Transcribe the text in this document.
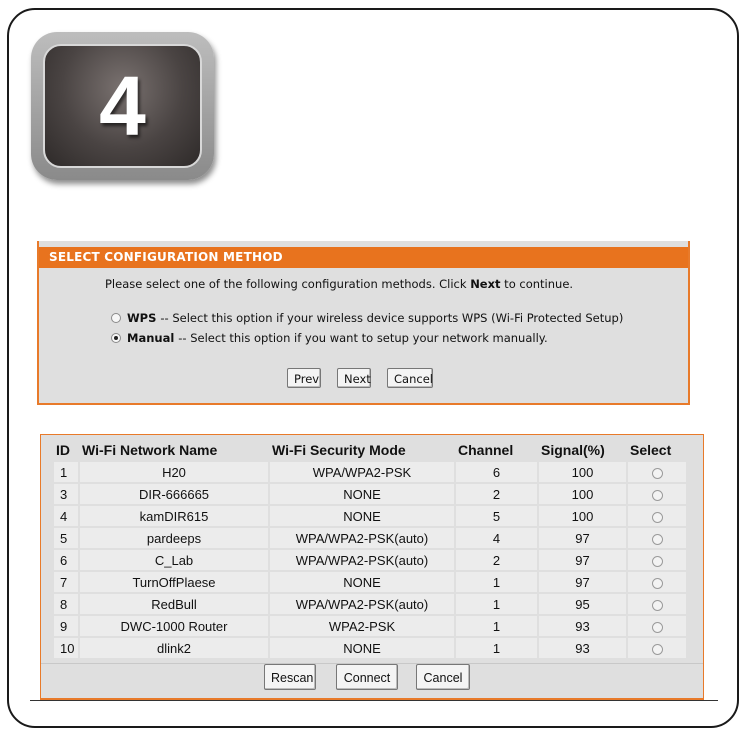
4
SELECT CONFIGURATION METHOD
Please select one of the following configuration methods. Click Next to continue.
WPS -- Select this option if your wireless device supports WPS (Wi-Fi Protected Setup)
Manual -- Select this option if you want to setup your network manually.
Prev	Next	Cancel
ID	Wi-Fi Network Name	Wi-Fi Security Mode	Channel	Signal(%)	Select
1	H20	WPA/WPA2-PSK	6	100	
3	DIR-666665	NONE	2	100	
4	kamDIR615	NONE	5	100	
5	pardeeps	WPA/WPA2-PSK(auto)	4	97	
6	C_Lab	WPA/WPA2-PSK(auto)	2	97	
7	TurnOffPlaese	NONE	1	97	
8	RedBull	WPA/WPA2-PSK(auto)	1	95	
9	DWC-1000 Router	WPA2-PSK	1	93	
10	dlink2	NONE	1	93	
Rescan	Connect	Cancel
